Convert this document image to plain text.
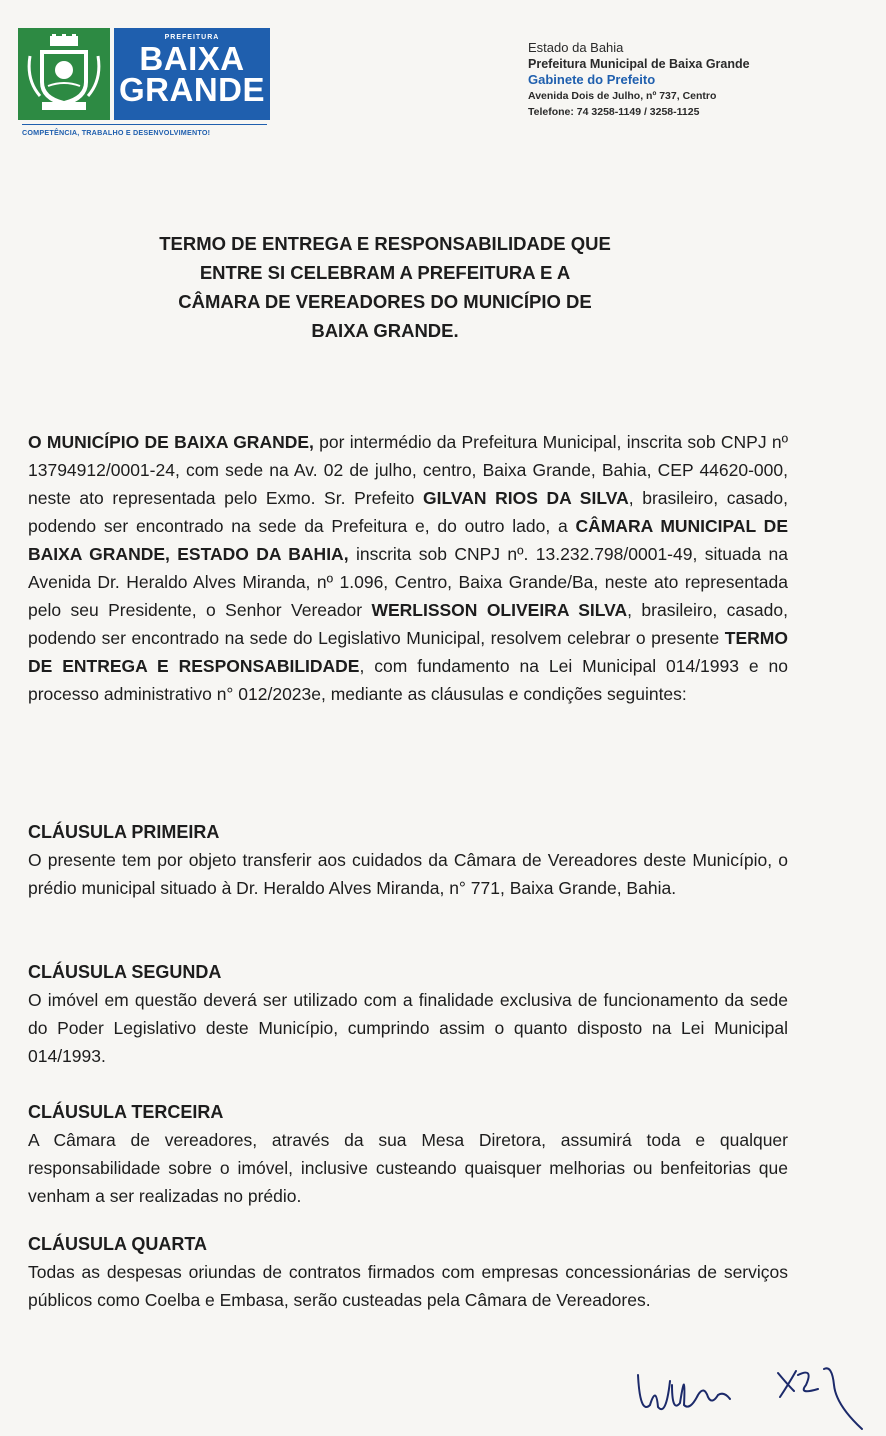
PREFEITURA
BAIXA
GRANDE
COMPETÊNCIA, TRABALHO E DESENVOLVIMENTO!
Estado da Bahia
Prefeitura Municipal de Baixa Grande
Gabinete do Prefeito
Avenida Dois de Julho, nº 737, Centro
Telefone: 74 3258-1149 / 3258-1125
TERMO DE ENTREGA E RESPONSABILIDADE QUE
ENTRE SI CELEBRAM A PREFEITURA E A
CÂMARA DE VEREADORES DO MUNICÍPIO DE
BAIXA GRANDE.
O MUNICÍPIO DE BAIXA GRANDE, por intermédio da Prefeitura Municipal, inscrita sob CNPJ nº 13794912/0001-24, com sede na Av. 02 de julho, centro, Baixa Grande, Bahia, CEP 44620-000, neste ato representada pelo Exmo. Sr. Prefeito GILVAN RIOS DA SILVA, brasileiro, casado, podendo ser encontrado na sede da Prefeitura e, do outro lado, a CÂMARA MUNICIPAL DE BAIXA GRANDE, ESTADO DA BAHIA, inscrita sob CNPJ nº. 13.232.798/0001-49, situada na Avenida Dr. Heraldo Alves Miranda, nº 1.096, Centro, Baixa Grande/Ba, neste ato representada pelo seu Presidente, o Senhor Vereador WERLISSON OLIVEIRA SILVA, brasileiro, casado, podendo ser encontrado na sede do Legislativo Municipal, resolvem celebrar o presente TERMO DE ENTREGA E RESPONSABILIDADE, com fundamento na Lei Municipal 014/1993 e no processo administrativo n° 012/2023e, mediante as cláusulas e condições seguintes:
CLÁUSULA PRIMEIRA
O presente tem por objeto transferir aos cuidados da Câmara de Vereadores deste Município, o prédio municipal situado à Dr. Heraldo Alves Miranda, n° 771, Baixa Grande, Bahia.
CLÁUSULA SEGUNDA
O imóvel em questão deverá ser utilizado com a finalidade exclusiva de funcionamento da sede do Poder Legislativo deste Município, cumprindo assim o quanto disposto na Lei Municipal 014/1993.
CLÁUSULA TERCEIRA
A Câmara de vereadores, através da sua Mesa Diretora, assumirá toda e qualquer responsabilidade sobre o imóvel, inclusive custeando quaisquer melhorias ou benfeitorias que venham a ser realizadas no prédio.
CLÁUSULA QUARTA
Todas as despesas oriundas de contratos firmados com empresas concessionárias de serviços públicos como Coelba e Embasa, serão custeadas pela Câmara de Vereadores.
